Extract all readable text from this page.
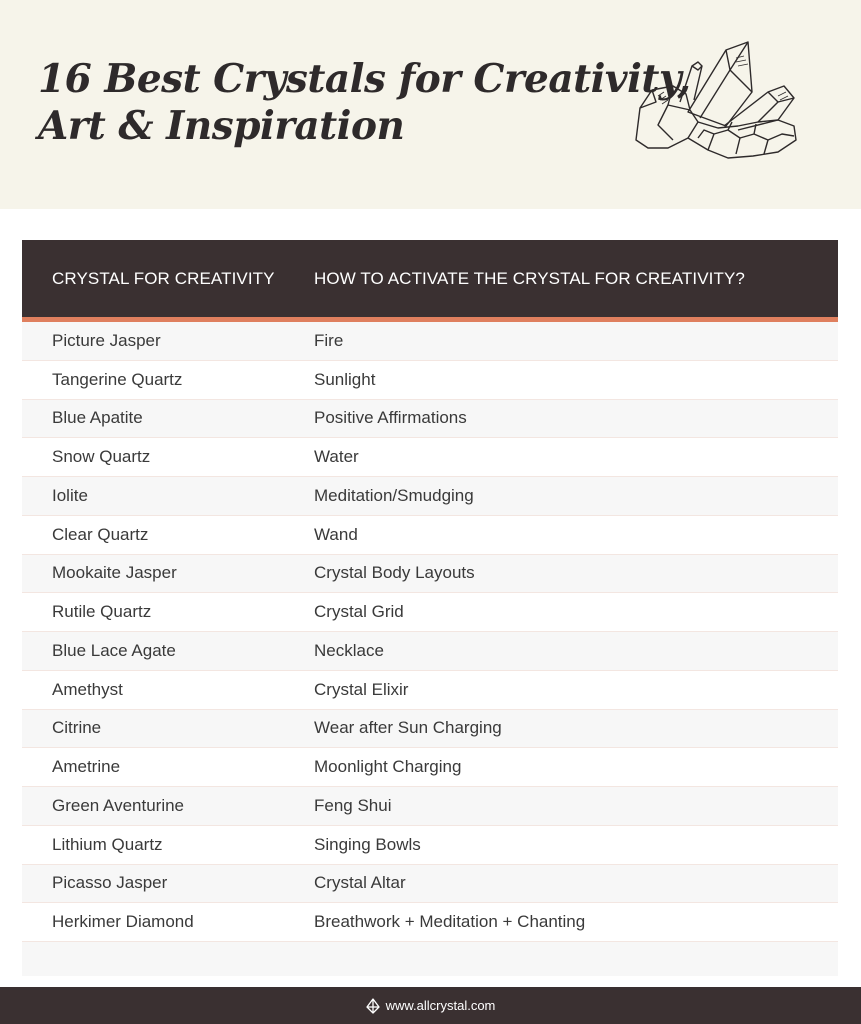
16 Best Crystals for Creativity,
Art & Inspiration
CRYSTAL FOR CREATIVITY	HOW TO ACTIVATE THE CRYSTAL FOR CREATIVITY?
Picture Jasper	Fire
Tangerine Quartz	Sunlight
Blue Apatite	Positive Affirmations
Snow Quartz	Water
Iolite	Meditation/Smudging
Clear Quartz	Wand
Mookaite Jasper	Crystal Body Layouts
Rutile Quartz	Crystal Grid
Blue Lace Agate	Necklace
Amethyst	Crystal Elixir
Citrine	Wear after Sun Charging
Ametrine	Moonlight Charging
Green Aventurine	Feng Shui
Lithium Quartz	Singing Bowls
Picasso Jasper	Crystal Altar
Herkimer Diamond	Breathwork + Meditation + Chanting
www.allcrystal.com
